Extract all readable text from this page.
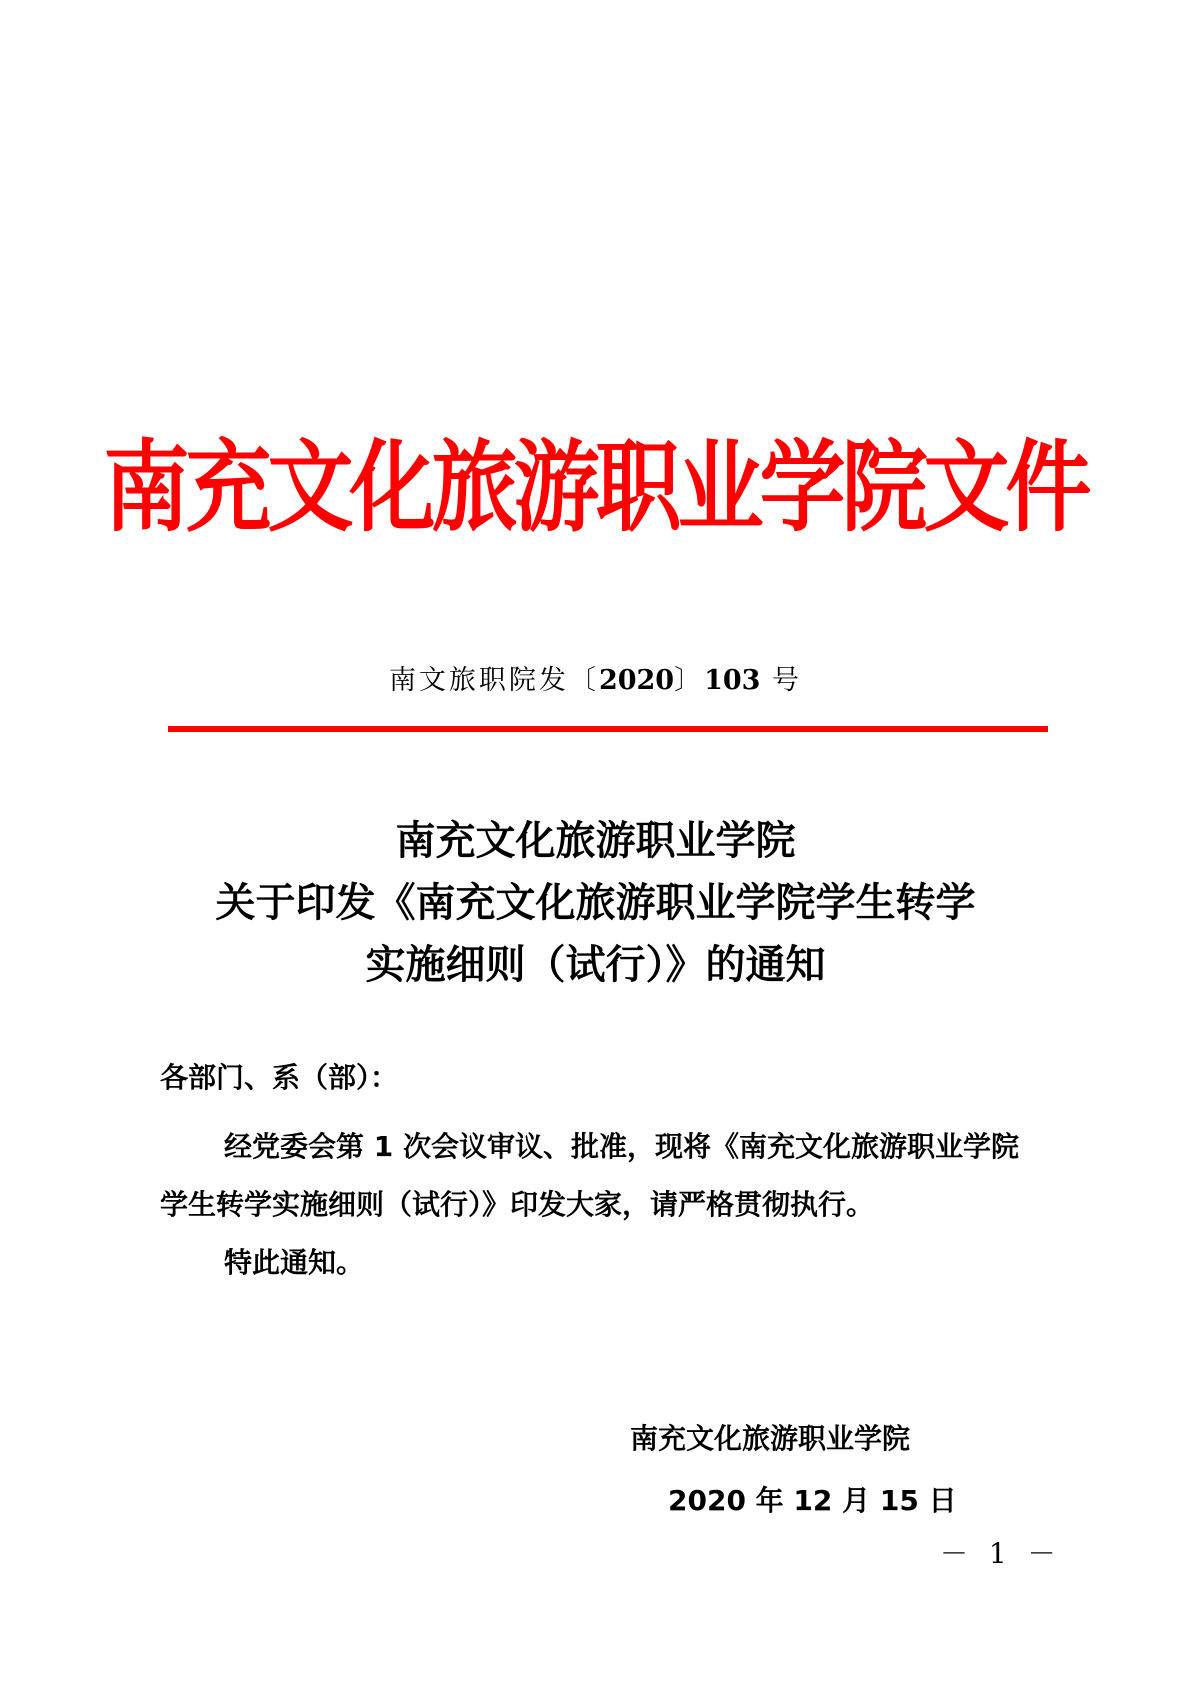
南充文化旅游职业学院文件
南文旅职院发〔2020〕103 号
南充文化旅游职业学院
关于印发《南充文化旅游职业学院学生转学
实施细则（试行）》的通知
各部门、系（部）：
经党委会第 1 次会议审议、批准，现将《南充文化旅游职业学院学生转学实施细则（试行）》印发大家，请严格贯彻执行。
特此通知。
南充文化旅游职业学院
2020 年 12 月 15 日
－ 1 －
